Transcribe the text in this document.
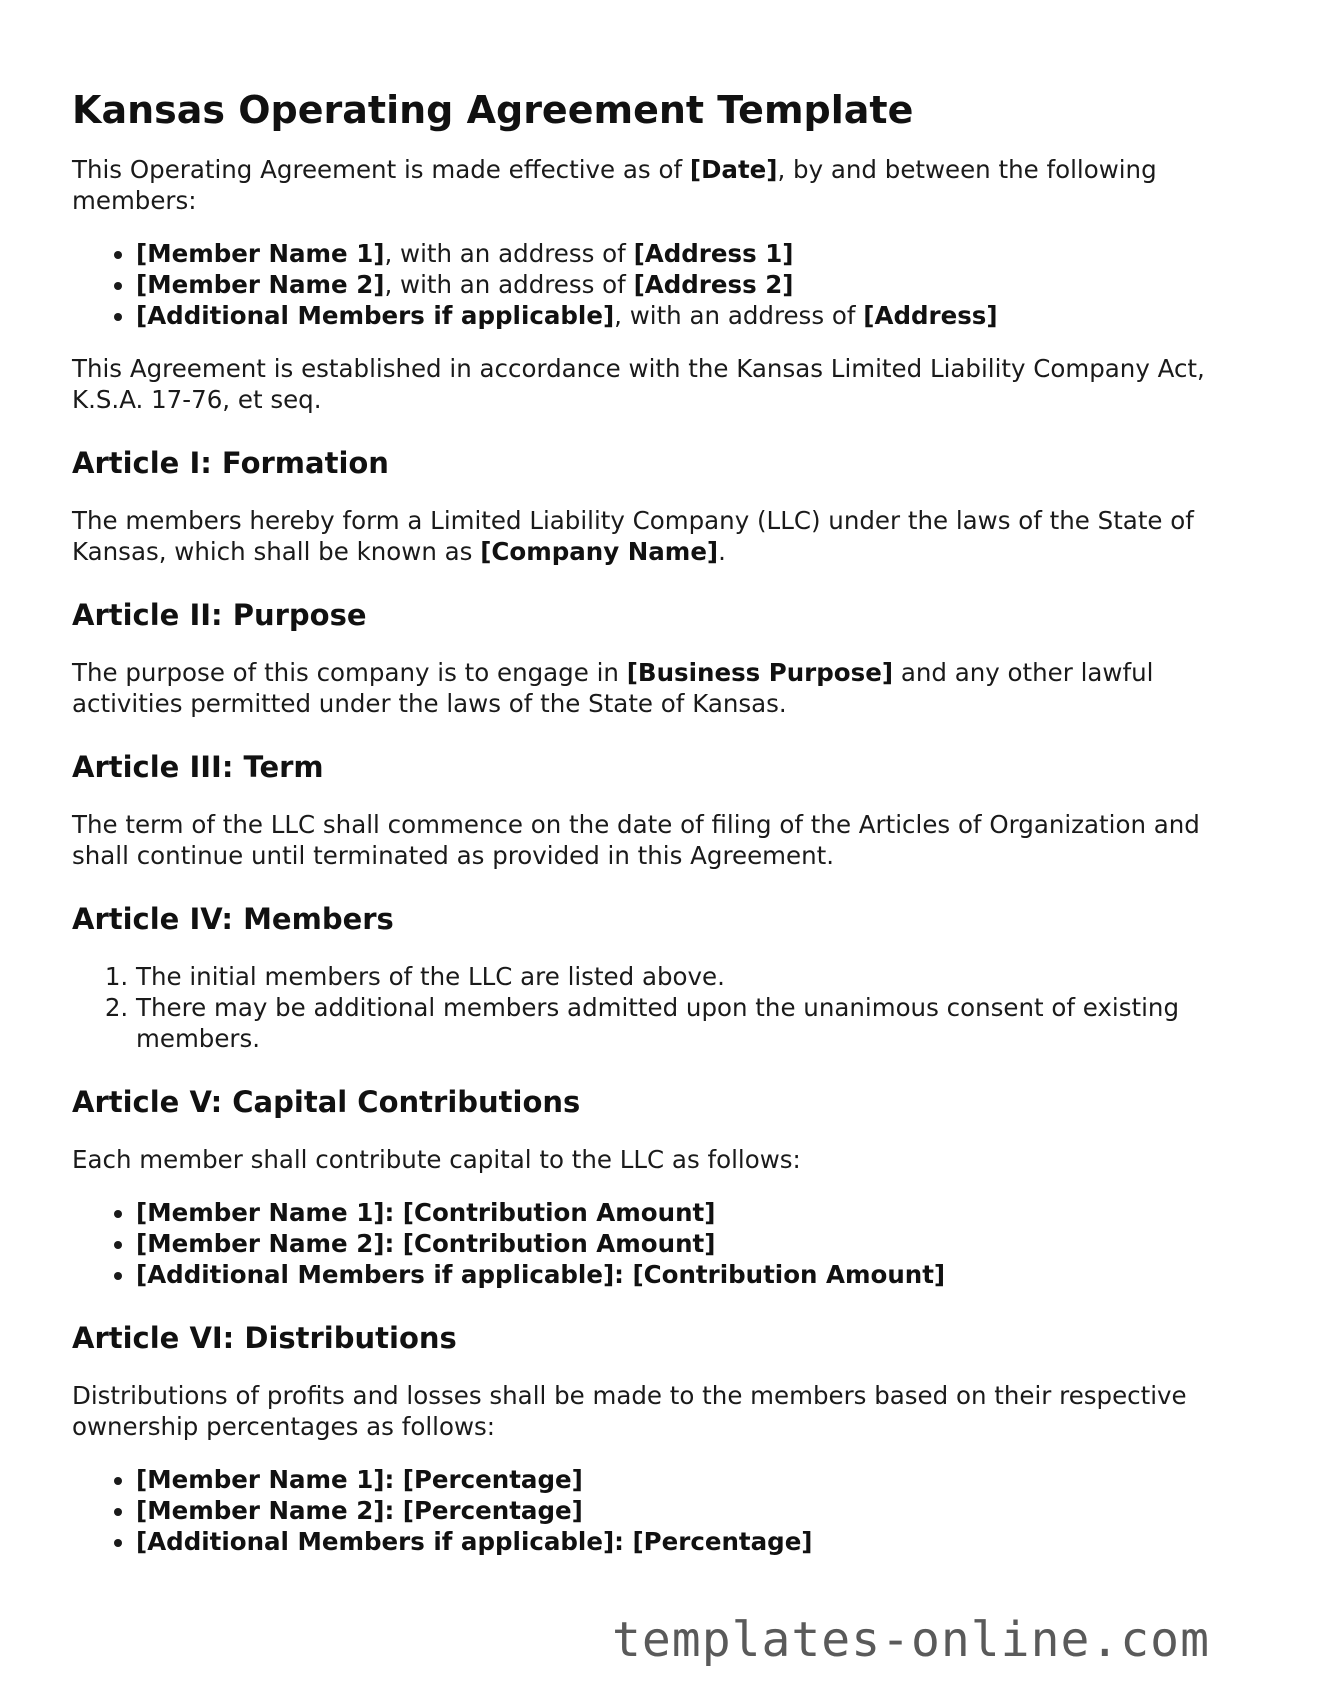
Kansas Operating Agreement Template

This Operating Agreement is made effective as of [Date], by and between the following members:

• [Member Name 1], with an address of [Address 1]
• [Member Name 2], with an address of [Address 2]
• [Additional Members if applicable], with an address of [Address]

This Agreement is established in accordance with the Kansas Limited Liability Company Act, K.S.A. 17-76, et seq.

Article I: Formation

The members hereby form a Limited Liability Company (LLC) under the laws of the State of Kansas, which shall be known as [Company Name].

Article II: Purpose

The purpose of this company is to engage in [Business Purpose] and any other lawful activities permitted under the laws of the State of Kansas.

Article III: Term

The term of the LLC shall commence on the date of filing of the Articles of Organization and shall continue until terminated as provided in this Agreement.

Article IV: Members
1. The initial members of the LLC are listed above.
2. There may be additional members admitted upon the unanimous consent of existing members.
Article V: Capital Contributions

Each member shall contribute capital to the LLC as follows:

• [Member Name 1]: [Contribution Amount]
• [Member Name 2]: [Contribution Amount]
• [Additional Members if applicable]: [Contribution Amount]
Article VI: Distributions

Distributions of profits and losses shall be made to the members based on their respective ownership percentages as follows:

• [Member Name 1]: [Percentage]
• [Member Name 2]: [Percentage]
• [Additional Members if applicable]: [Percentage]
templates-online.com
